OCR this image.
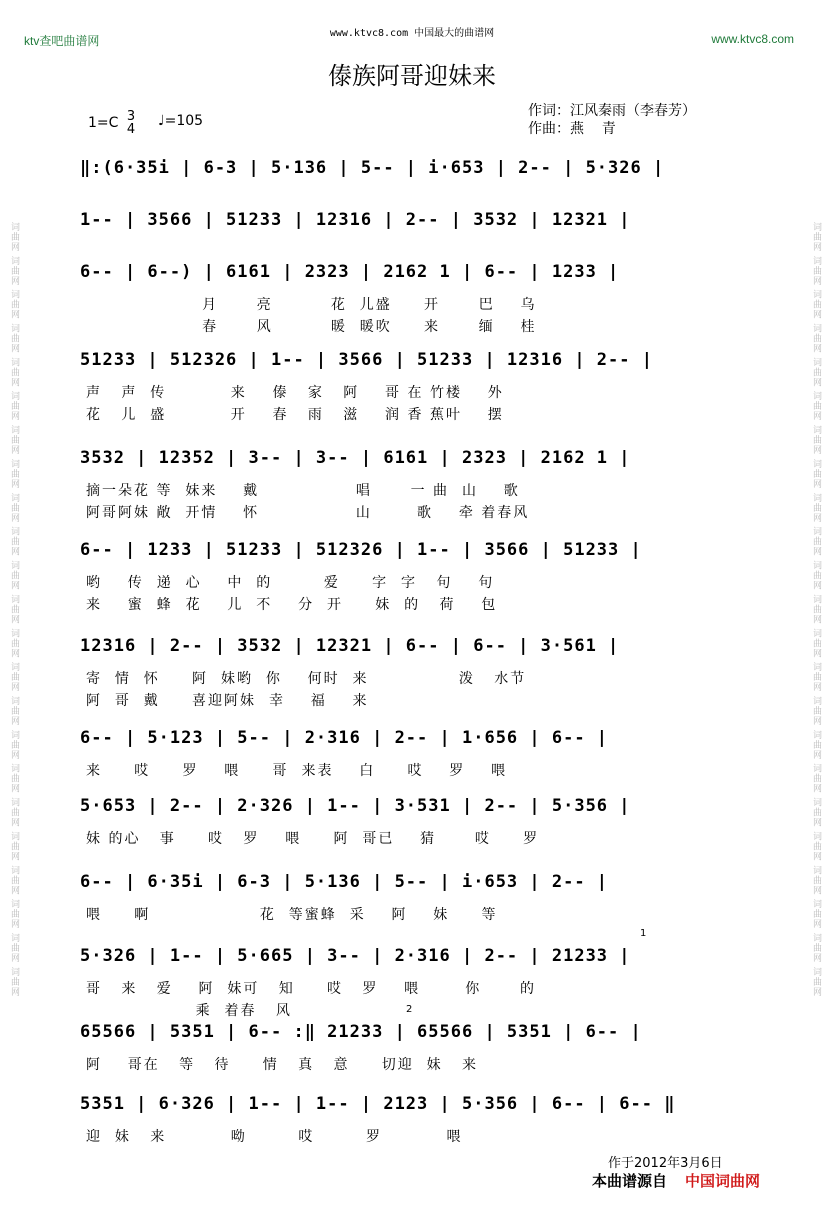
词曲网 词曲网 词曲网 词曲网 词曲网 词曲网 词曲网 词曲网 词曲网 词曲网 词曲网 词曲网 词曲网 词曲网 词曲网 词曲网 词曲网 词曲网 词曲网 词曲网 词曲网 词曲网 词曲网	词曲网 词曲网 词曲网 词曲网 词曲网 词曲网 词曲网 词曲网 词曲网 词曲网 词曲网 词曲网 词曲网 词曲网 词曲网 词曲网 词曲网 词曲网 词曲网 词曲网 词曲网 词曲网 词曲网
ktv查吧曲谱网
www.ktvc8.com 中国最大的曲谱网	www.ktvc8.com
傣族阿哥迎妹来
1=C 3
4
♩=105
作词：江风秦雨（李春芳）
作曲：燕    青
‖:(6·35i | 6-3 | 5·136 | 5-- | i·653 | 2-- | 5·326 |
1-- | 3566 | 51233 | 12316 | 2-- | 3532 | 12321 |
6-- | 6--) | 6161 | 2323 | 2162 1 | 6-- | 1233 |
月      亮         花  儿盛     开      巴    乌
春      风         暖  暖吹     来      缅    桂
51233 | 512326 | 1-- | 3566 | 51233 | 12316 | 2-- |
声   声  传          来    傣   家   阿    哥 在 竹楼    外
花   儿  盛          开    春   雨   滋    润 香 蕉叶    摆
3532 | 12352 | 3-- | 3-- | 6161 | 2323 | 2162 1 |
摘一朵花 等  妹来    戴               唱      一 曲  山    歌
阿哥阿妹 敞  开情    怀               山       歌    牵 着春风
6-- | 1233 | 51233 | 512326 | 1-- | 3566 | 51233 |
哟    传  递  心    中  的        爱     字  字   句    句
来    蜜  蜂  花    儿  不    分  开     妹  的   荷    包
12316 | 2-- | 3532 | 12321 | 6-- | 6-- | 3·561 |
寄  情  怀     阿  妹哟  你    何时  来              泼   水节
阿  哥  戴     喜迎阿妹  幸    福    来
6-- | 5·123 | 5-- | 2·316 | 2-- | 1·656 | 6-- |
来     哎     罗    喂     哥  来表    白     哎    罗    喂
5·653 | 2-- | 2·326 | 1-- | 3·531 | 2-- | 5·356 |
妹 的心   事     哎   罗    喂     阿  哥已    猜      哎     罗
6-- | 6·35i | 6-3 | 5·136 | 5-- | i·653 | 2-- |
喂     啊                 花  等蜜蜂  采    阿    妹     等
5·326 | 1-- | 5·665 | 3-- | 2·316 | 2-- | 21233 |
哥   来   爱    阿  妹可   知     哎   罗    喂       你      的
乘  着春   风
65566 | 5351 | 6-- :‖ 21233 | 65566 | 5351 | 6-- |
阿    哥在   等   待     情   真   意     切迎  妹   来
5351 | 6·326 | 1-- | 1-- | 2123 | 5·356 | 6-- | 6-- ‖
迎  妹   来          呦        哎        罗          喂
1
2
作于2012年3月6日
本曲谱源自 中国词曲网
